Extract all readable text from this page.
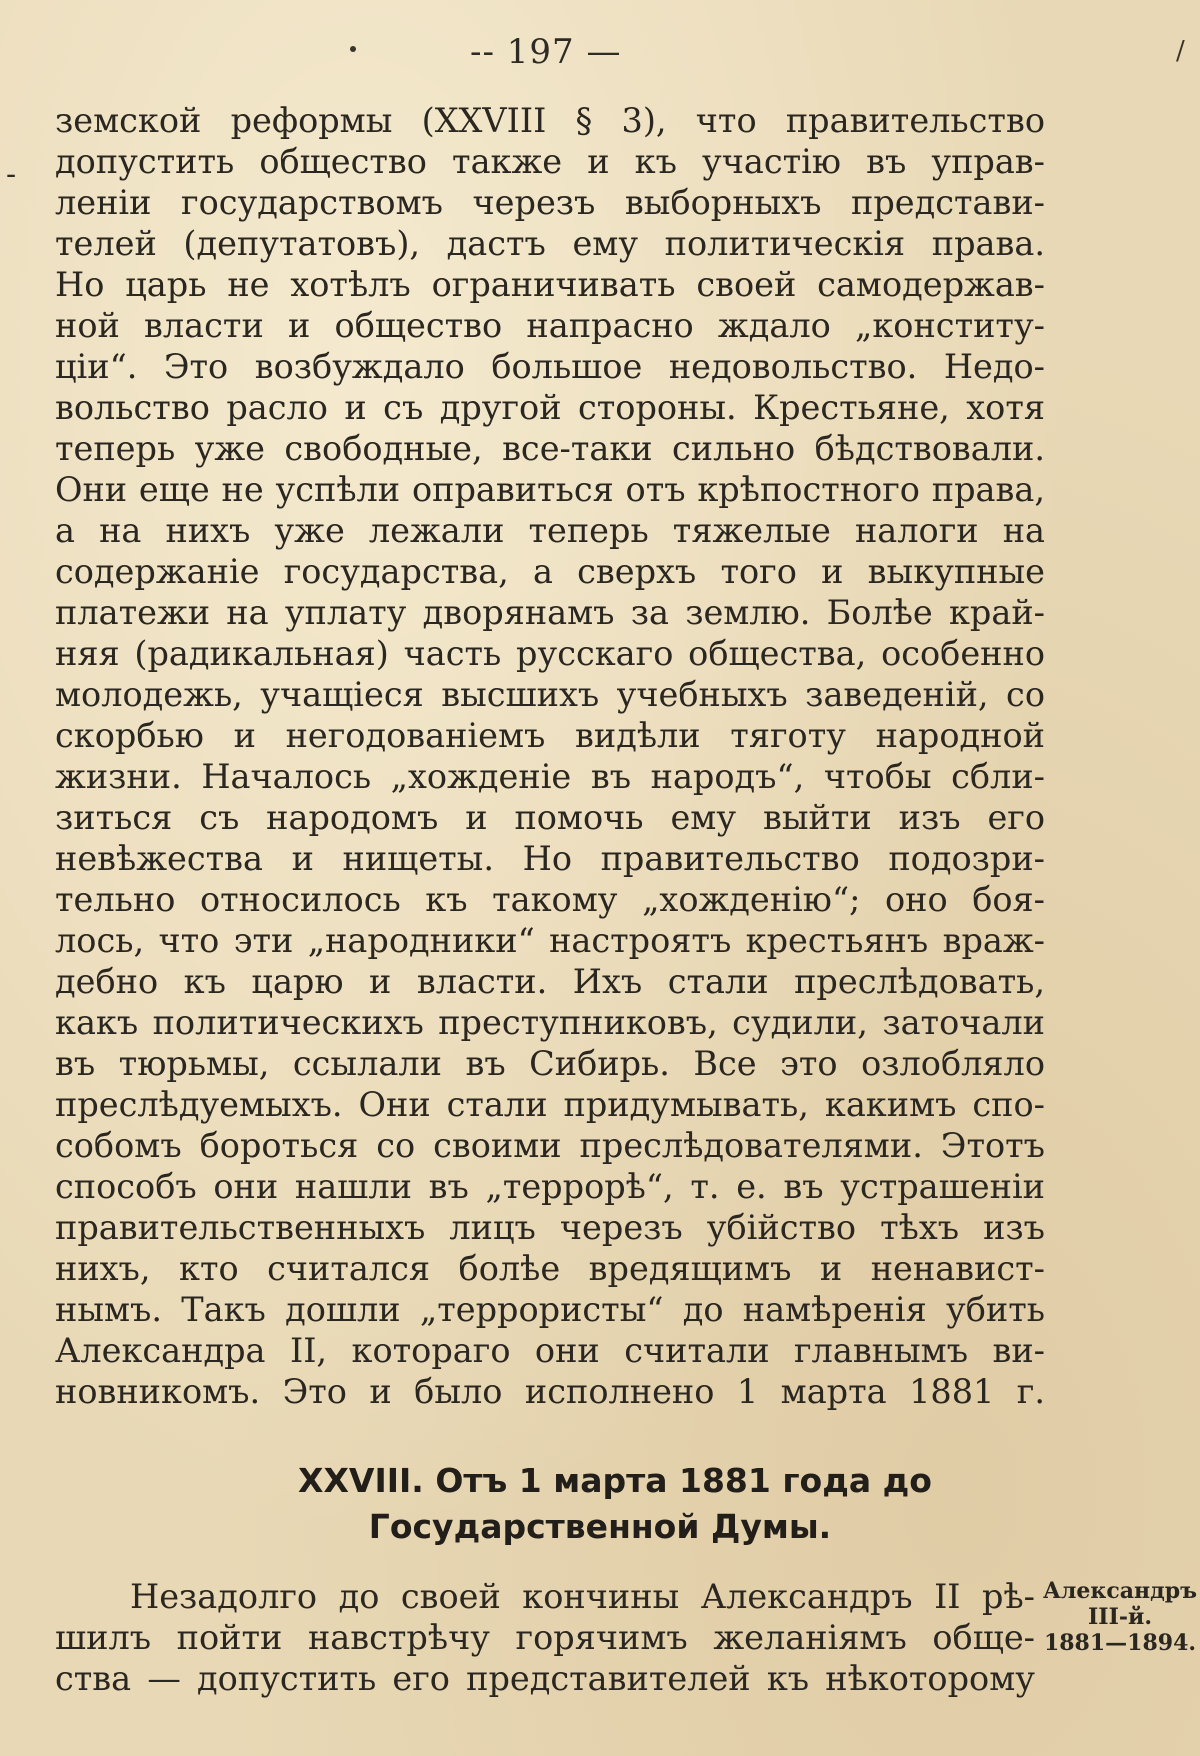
-- 197 —	/
-
земской реформы (XXVIII § 3), что правительство
допустить общество также и къ участiю въ управ-
ленiи государствомъ черезъ выборныхъ представи-
телей (депутатовъ), дастъ ему политическiя права.
Но царь не хотѣлъ ограничивать своей самодержав-
ной власти и общество напрасно ждало „конститу-
цiи“. Это возбуждало большое недовольство. Недо-
вольство расло и съ другой стороны. Крестьяне, хотя
теперь уже свободные, все-таки сильно бѣдствовали.
Они еще не успѣли оправиться отъ крѣпостного права,
а на нихъ уже лежали теперь тяжелые налоги на
содержанiе государства, а сверхъ того и выкупные
платежи на уплату дворянамъ за землю. Болѣе край-
няя (радикальная) часть русскаго общества, особенно
молодежь, учащiеся высшихъ учебныхъ заведенiй, со
скорбью и негодованiемъ видѣли тяготу народной
жизни. Началось „хожденiе въ народъ“, чтобы сбли-
зиться съ народомъ и помочь ему выйти изъ его
невѣжества и нищеты. Но правительство подозри-
тельно относилось къ такому „хожденiю“; оно боя-
лось, что эти „народники“ настроятъ крестьянъ враж-
дебно къ царю и власти. Ихъ стали преслѣдовать,
какъ политическихъ преступниковъ, судили, заточали
въ тюрьмы, ссылали въ Сибирь. Все это озлобляло
преслѣдуемыхъ. Они стали придумывать, какимъ спо-
собомъ бороться со своими преслѣдователями. Этотъ
способъ они нашли въ „террорѣ“, т. е. въ устрашенiи
правительственныхъ лицъ черезъ убiйство тѣхъ изъ
нихъ, кто считался болѣе вредящимъ и ненавист-
нымъ. Такъ дошли „террористы“ до намѣренiя убить
Александра II, котораго они считали главнымъ ви-
новникомъ. Это и было исполнено 1 марта 1881 г.
XXVIII. Отъ 1 марта 1881 года до
Государственной Думы.
Незадолго до своей кончины Александръ II рѣ-
шилъ пойти навстрѣчу горячимъ желанiямъ обще-
ства — допустить его представителей къ нѣкоторому
Александръ
III-й.
1881—1894.
